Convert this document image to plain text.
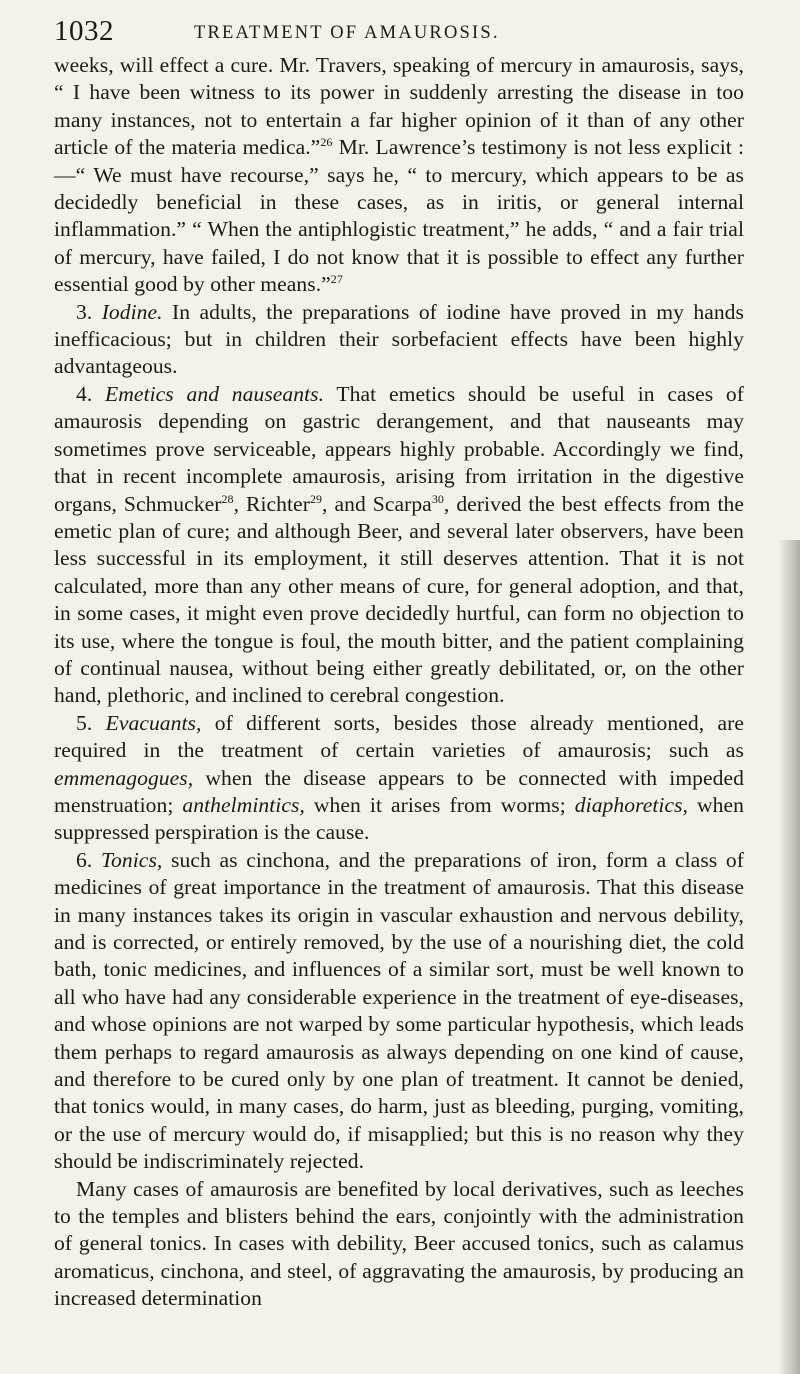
1032	TREATMENT OF AMAUROSIS.

weeks, will effect a cure. Mr. Travers, speaking of mercury in amaurosis, says, “ I have been witness to its power in suddenly arresting the disease in too many instances, not to entertain a far higher opinion of it than of any other article of the materia medica.”$^{26}$ Mr. Lawrence’s testimony is not less explicit :—“ We must have recourse,” says he, “ to mercury, which appears to be as decidedly beneficial in these cases, as in iritis, or general internal inflammation.” “ When the antiphlogistic treatment,” he adds, “ and a fair trial of mercury, have failed, I do not know that it is possible to effect any further essential good by other means.”$^{27}$

3. Iodine. In adults, the preparations of iodine have proved in my hands inefficacious; but in children their sorbefacient effects have been highly advantageous.

4. Emetics and nauseants. That emetics should be useful in cases of amaurosis depending on gastric derangement, and that nauseants may sometimes prove serviceable, appears highly probable. Accordingly we find, that in recent incomplete amaurosis, arising from irritation in the digestive organs, Schmucker$^{28}$, Richter$^{29}$, and Scarpa$^{30}$, derived the best effects from the emetic plan of cure; and although Beer, and several later observers, have been less successful in its employment, it still deserves attention. That it is not calculated, more than any other means of cure, for general adoption, and that, in some cases, it might even prove decidedly hurtful, can form no objection to its use, where the tongue is foul, the mouth bitter, and the patient complaining of continual nausea, without being either greatly debilitated, or, on the other hand, plethoric, and inclined to cerebral congestion.

5. Evacuants, of different sorts, besides those already mentioned, are required in the treatment of certain varieties of amaurosis; such as emmenagogues, when the disease appears to be connected with impeded menstruation; anthelmintics, when it arises from worms; diaphoretics, when suppressed perspiration is the cause.

6. Tonics, such as cinchona, and the preparations of iron, form a class of medicines of great importance in the treatment of amaurosis. That this disease in many instances takes its origin in vascular exhaustion and nervous debility, and is corrected, or entirely removed, by the use of a nourishing diet, the cold bath, tonic medicines, and influences of a similar sort, must be well known to all who have had any considerable experience in the treatment of eye-diseases, and whose opinions are not warped by some particular hypothesis, which leads them perhaps to regard amaurosis as always depending on one kind of cause, and therefore to be cured only by one plan of treatment. It cannot be denied, that tonics would, in many cases, do harm, just as bleeding, purging, vomiting, or the use of mercury would do, if misapplied; but this is no reason why they should be indiscriminately rejected.

Many cases of amaurosis are benefited by local derivatives, such as leeches to the temples and blisters behind the ears, conjointly with the administration of general tonics. In cases with debility, Beer accused tonics, such as calamus aromaticus, cinchona, and steel, of aggravating the amaurosis, by producing an increased determination
